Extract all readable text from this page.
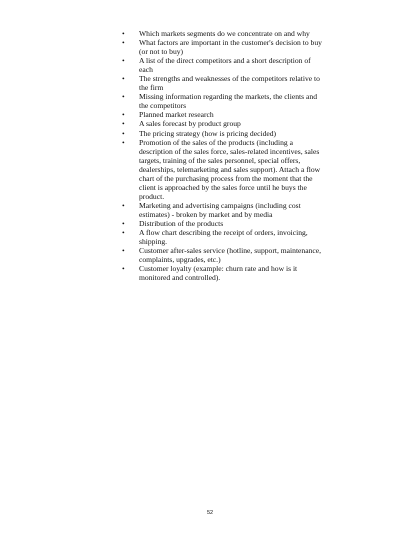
•	Which markets segments do we concentrate on and why
•	What factors are important in the customer's decision to buy (or not to buy)
•	A list of the direct competitors and a short description of each
•	The strengths and weaknesses of the competitors relative to the firm
•	Missing information regarding the markets, the clients and the competitors
•	Planned market research
•	A sales forecast by product group
•	The pricing strategy (how is pricing decided)
•	Promotion of the sales of the products (including a description of the sales force, sales-related incentives, sales targets, training of the sales personnel, special offers, dealerships, telemarketing and sales support). Attach a flow chart of the purchasing process from the moment that the client is approached by the sales force until he buys the product.
•	Marketing and advertising campaigns (including cost estimates) - broken by market and by media
•	Distribution of the products
•	A flow chart describing the receipt of orders, invoicing, shipping.
•	Customer after-sales service (hotline, support, maintenance, complaints, upgrades, etc.)
•	Customer loyalty (example: churn rate and how is it monitored and controlled).
52
